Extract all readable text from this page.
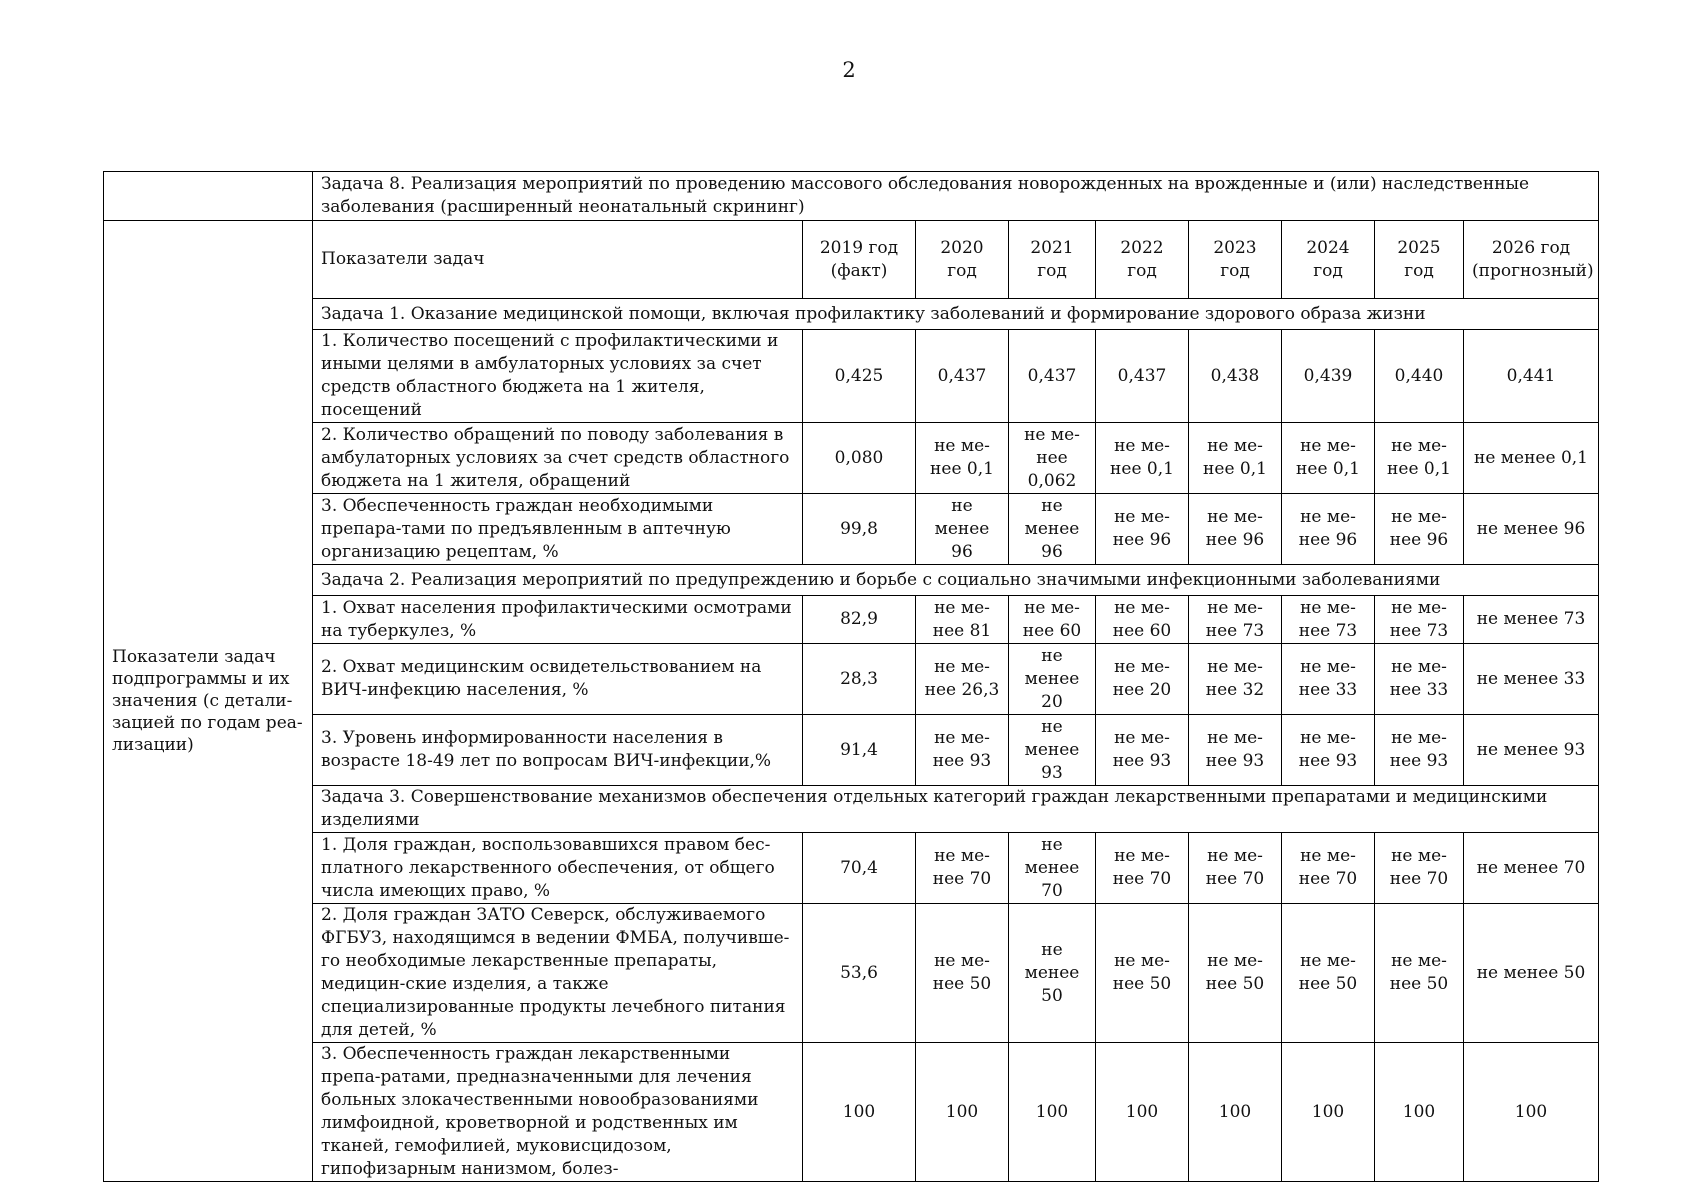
2
	Задача 8. Реализация мероприятий по проведению массового обследования новорожденных на врожденные и (или) наследственные заболевания (расширенный неонатальный скрининг)								
Показатели задач подпрограммы и их значения (с детали-зацией по годам реа-лизации)	Показатели задач	2019 год (факт)	2020 год	2021 год	2022 год	2023 год	2024 год	2025 год	2026 год (прогнозный)
	Задача 1. Оказание медицинской помощи, включая профилактику заболеваний и формирование здорового образа жизни								
	1. Количество посещений с профилактическими и иными целями в амбулаторных условиях за счет средств областного бюджета на 1 жителя, посещений	0,425	0,437	0,437	0,437	0,438	0,439	0,440	0,441
	2. Количество обращений по поводу заболевания в амбулаторных условиях за счет средств областного бюджета на 1 жителя, обращений	0,080	не ме-нее 0,1	не ме-нее 0,062	не ме-нее 0,1	не ме-нее 0,1	не ме-нее 0,1	не ме-нее 0,1	не менее 0,1
	3. Обеспеченность граждан необходимыми препара-тами по предъявленным в аптечную организацию рецептам, %	99,8	не менее 96	не менее 96	не ме-нее 96	не ме-нее 96	не ме-нее 96	не ме-нее 96	не менее 96
	Задача 2. Реализация мероприятий по предупреждению и борьбе с социально значимыми инфекционными заболеваниями								
	1. Охват населения профилактическими осмотрами на туберкулез, %	82,9	не ме-нее 81	не ме-нее 60	не ме-нее 60	не ме-нее 73	не ме-нее 73	не ме-нее 73	не менее 73
	2. Охват медицинским освидетельствованием на ВИЧ-инфекцию населения, %	28,3	не ме-нее 26,3	не менее 20	не ме-нее 20	не ме-нее 32	не ме-нее 33	не ме-нее 33	не менее 33
	3. Уровень информированности населения в возрасте 18-49 лет по вопросам ВИЧ-инфекции,%	91,4	не ме-нее 93	не менее 93	не ме-нее 93	не ме-нее 93	не ме-нее 93	не ме-нее 93	не менее 93
	Задача 3. Совершенствование механизмов обеспечения отдельных категорий граждан лекарственными препаратами и медицинскими изделиями								
	1. Доля граждан, воспользовавшихся правом бес-платного лекарственного обеспечения, от общего числа имеющих право, %	70,4	не ме-нее 70	не менее 70	не ме-нее 70	не ме-нее 70	не ме-нее 70	не ме-нее 70	не менее 70
	2. Доля граждан ЗАТО Северск, обслуживаемого ФГБУЗ, находящимся в ведении ФМБА, получивше-го необходимые лекарственные препараты, медицин-ские изделия, а также специализированные продукты лечебного питания для детей, %	53,6	не ме-нее 50	не менее 50	не ме-нее 50	не ме-нее 50	не ме-нее 50	не ме-нее 50	не менее 50
	3. Обеспеченность граждан лекарственными препа-ратами, предназначенными для лечения больных злокачественными новообразованиями лимфоидной, кроветворной и родственных им тканей, гемофилией, муковисцидозом, гипофизарным нанизмом, болез-	100	100	100	100	100	100	100	100
